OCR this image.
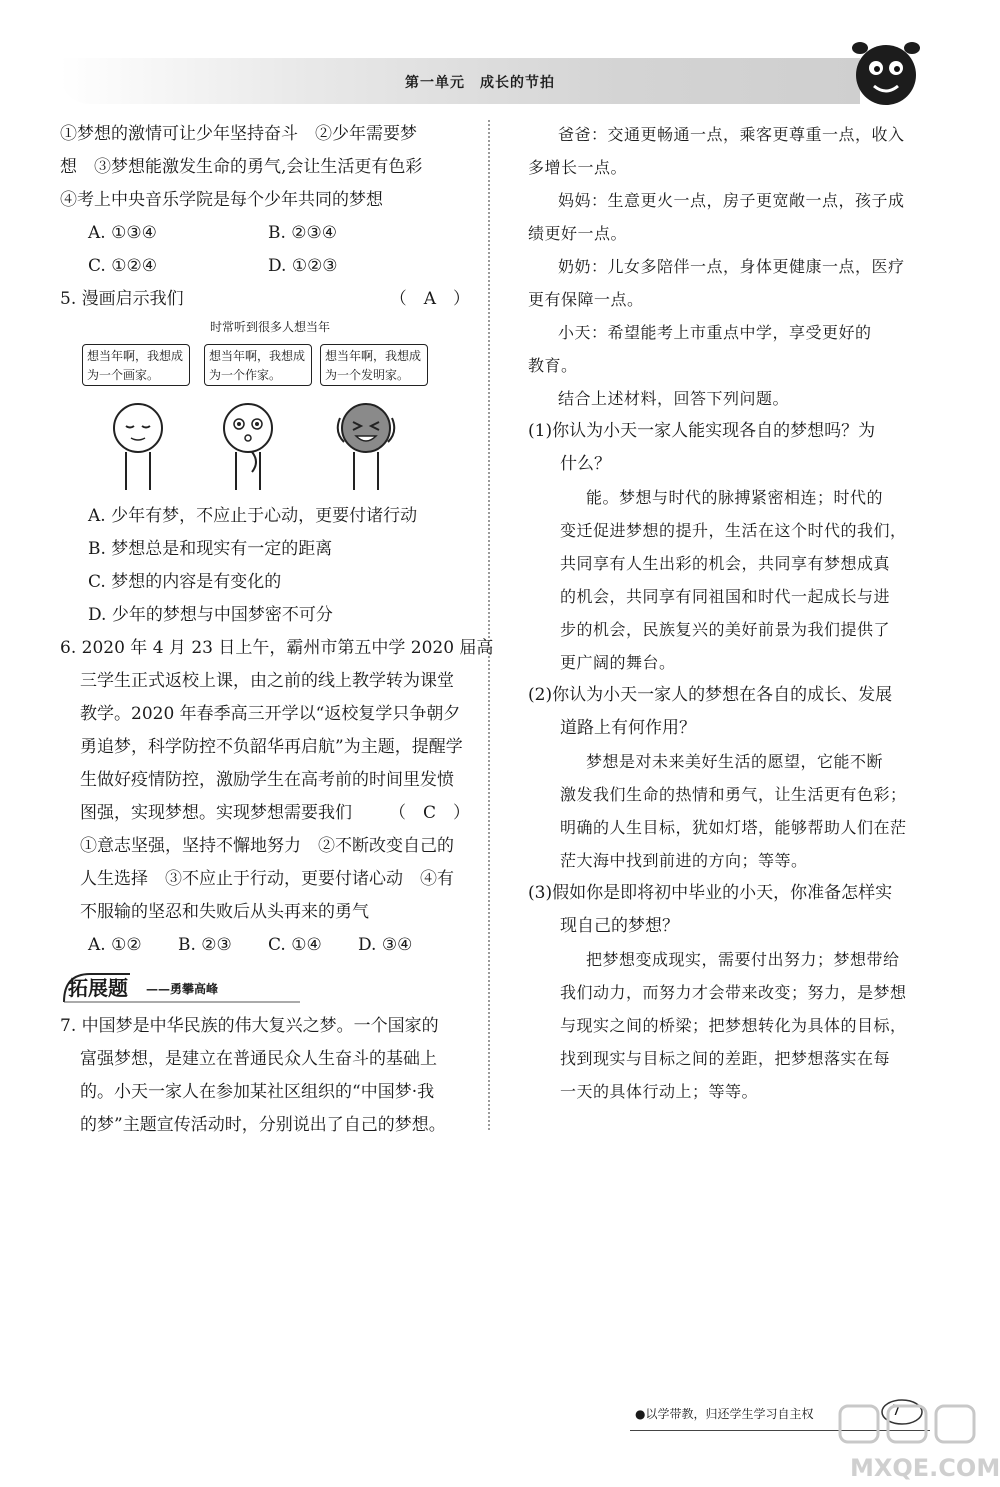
第一单元　成长的节拍
①梦想的激情可让少年坚持奋斗　②少年需要梦
想　③梦想能激发生命的勇气,会让生活更有色彩
④考上中央音乐学院是每个少年共同的梦想
A. ①③④	B. ②③④
C. ①②④	D. ①②③
5. 漫画启示我们	（　A　）
时常听到很多人想当年
想当年啊，我想成为一个画家。
想当年啊，我想成为一个作家。
想当年啊，我想成为一个发明家。
A. 少年有梦，不应止于心动，更要付诸行动
B. 梦想总是和现实有一定的距离
C. 梦想的内容是有变化的
D. 少年的梦想与中国梦密不可分
6. 2020 年 4 月 23 日上午，霸州市第五中学 2020 届高
三学生正式返校上课，由之前的线上教学转为课堂
教学。2020 年春季高三开学以“返校复学只争朝夕
勇追梦，科学防控不负韶华再启航”为主题，提醒学
生做好疫情防控，激励学生在高考前的时间里发愤
图强，实现梦想。实现梦想需要我们 （　C　）
①意志坚强，坚持不懈地努力　②不断改变自己的
人生选择　③不应止于行动，更要付诸心动　④有
不服输的坚忍和失败后从头再来的勇气
A. ①②	B. ②③	C. ①④	D. ③④
拓展题 ——勇攀高峰
7. 中国梦是中华民族的伟大复兴之梦。一个国家的
富强梦想，是建立在普通民众人生奋斗的基础上
的。小天一家人在参加某社区组织的“中国梦·我
的梦”主题宣传活动时，分别说出了自己的梦想。
爸爸：交通更畅通一点，乘客更尊重一点，收入
多增长一点。
妈妈：生意更火一点，房子更宽敞一点，孩子成
绩更好一点。
奶奶：儿女多陪伴一点，身体更健康一点，医疗
更有保障一点。
小天：希望能考上市重点中学，享受更好的
教育。
结合上述材料，回答下列问题。
(1)你认为小天一家人能实现各自的梦想吗？为
什么？
能。梦想与时代的脉搏紧密相连；时代的
变迁促进梦想的提升，生活在这个时代的我们，
共同享有人生出彩的机会，共同享有梦想成真
的机会，共同享有同祖国和时代一起成长与进
步的机会，民族复兴的美好前景为我们提供了
更广阔的舞台。
(2)你认为小天一家人的梦想在各自的成长、发展
道路上有何作用？
梦想是对未来美好生活的愿望，它能不断
激发我们生命的热情和勇气，让生活更有色彩；
明确的人生目标，犹如灯塔，能够帮助人们在茫
茫大海中找到前进的方向；等等。
(3)假如你是即将初中毕业的小天，你准备怎样实
现自己的梦想？
把梦想变成现实，需要付出努力；梦想带给
我们动力，而努力才会带来改变；努力，是梦想
与现实之间的桥梁；把梦想转化为具体的目标，
找到现实与目标之间的差距，把梦想落实在每
一天的具体行动上；等等。
●以学带教，归还学生学习自主权	7
MXQE.COM
